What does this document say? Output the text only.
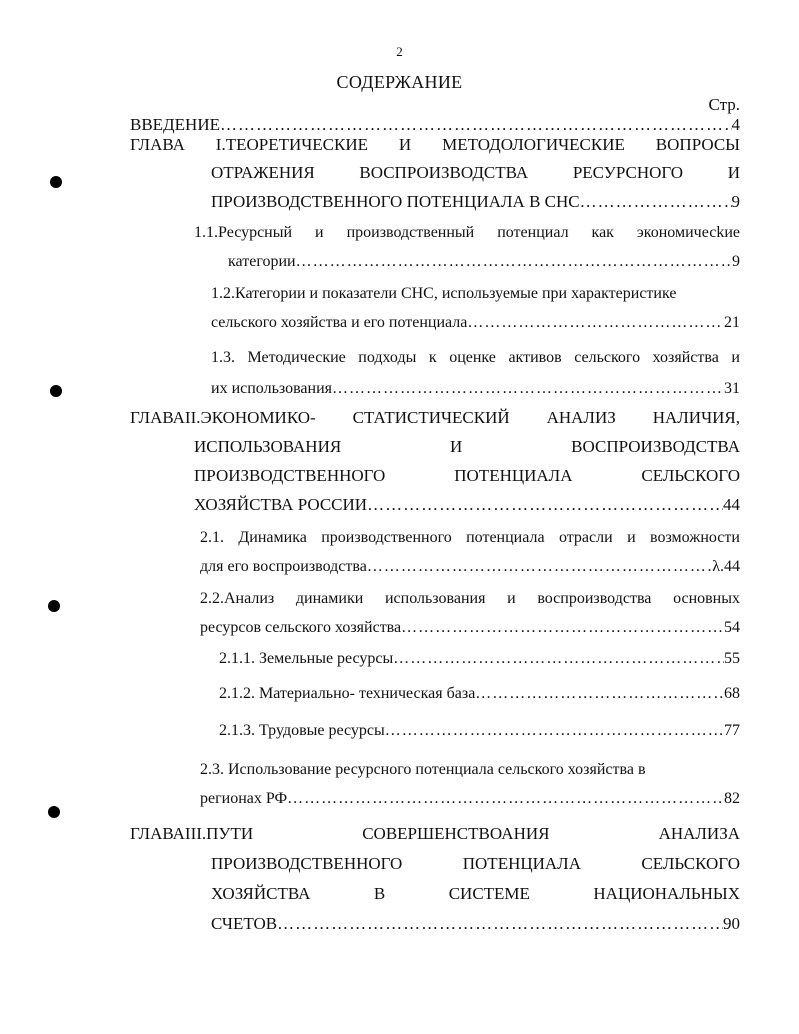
2
СОДЕРЖАНИЕ
Стр.
ВВЕДЕНИЕ ……………………………………………………………………………………………………………………………………………………………………………………………………	4
ГЛАВА I.ТЕОРЕТИЧЕСКИЕ И МЕТОДОЛОГИЧЕСКИЕ ВОПРОСЫ
ОТРАЖЕНИЯ	ВОСПРОИЗВОДСТВА	РЕСУРСНОГО	И
ПРОИЗВОДСТВЕННОГО ПОТЕНЦИАЛА В СНС ……………………………………………………………………………………………………………………………………………………………………………………………………	9
1.1.Ресурсный и производственный потенциал как экономичесkие
категории ……………………………………………………………………………………………………………………………………………………………………………………………………	9
1.2.Категории и показатели СНС, используемые при характеристике
сельского хозяйства и его потенциала ……………………………………………………………………………………………………………………………………………………………………………………………………	21
1.3. Методические подходы к оценке активов сельского хозяйства и
их использования ……………………………………………………………………………………………………………………………………………………………………………………………………	31
ГЛАВАII.ЭКОНОМИКО- СТАТИСТИЧЕСКИЙ АНАЛИЗ НАЛИЧИЯ,
ИСПОЛЬЗОВАНИЯ	И	ВОСПРОИЗВОДСТВА
ПРОИЗВОДСТВЕННОГО	ПОТЕНЦИАЛА	СЕЛЬСКОГО
ХОЗЯЙСТВА РОССИИ ……………………………………………………………………………………………………………………………………………………………………………………………………	44
2.1. Динамика производственного потенциала отрасли и возможности
для его воспроизводства ……………………………………………………………………………………………………………………………………………………………………………………………………	λ.44
2.2.Анализ динамики использования и воспроизводства основных
ресурсов сельского хозяйства ……………………………………………………………………………………………………………………………………………………………………………………………………	54
2.1.1. Земельные ресурсы ……………………………………………………………………………………………………………………………………………………………………………………………………	55
2.1.2. Материально- техническая база ……………………………………………………………………………………………………………………………………………………………………………………………………	68
2.1.3. Трудовые ресурсы ……………………………………………………………………………………………………………………………………………………………………………………………………	77
2.3. Использование ресурсного потенциала сельского хозяйства в
регионах РФ ……………………………………………………………………………………………………………………………………………………………………………………………………	82
ГЛАВАIII.ПУТИ	СОВЕРШЕНСТВОАНИЯ	АНАЛИЗА
ПРОИЗВОДСТВЕННОГО	ПОТЕНЦИАЛА	СЕЛЬСКОГО
ХОЗЯЙСТВА	В	СИСТЕМЕ	НАЦИОНАЛЬНЫХ
СЧЕТОВ ……………………………………………………………………………………………………………………………………………………………………………………………………	90
